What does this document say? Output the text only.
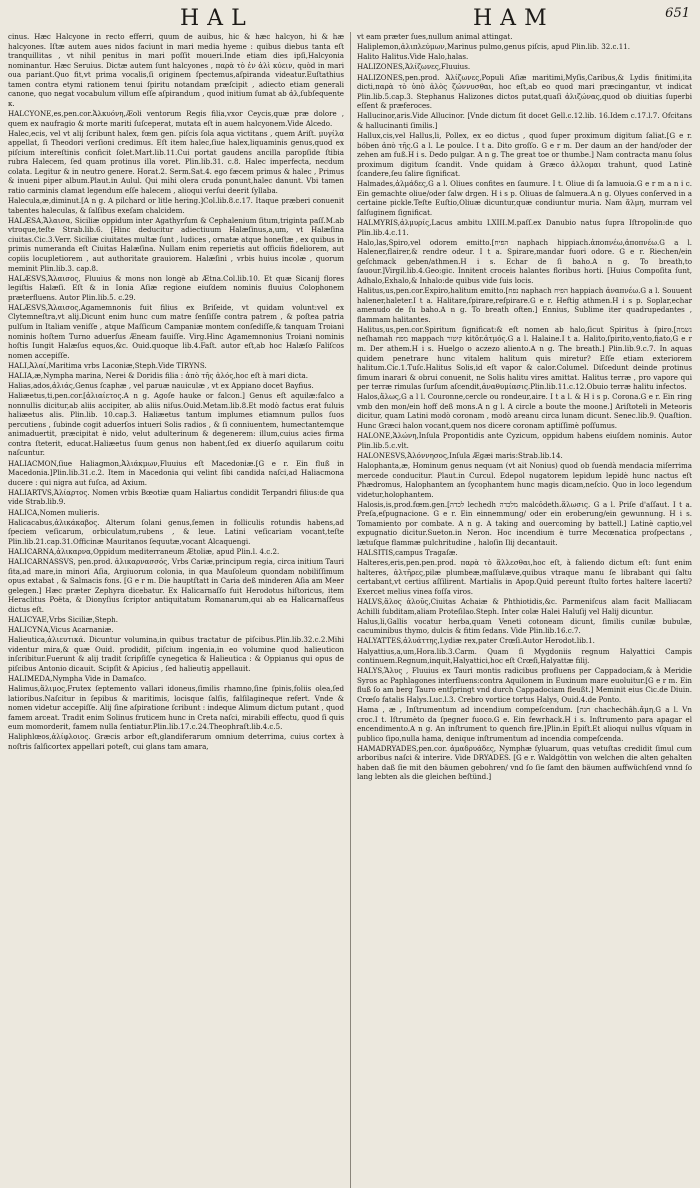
HAL	HAM	651

cinus. Hæc Halcyone in recto efferri, quum de auibus, hic & hæc halcyon, hi & hæ halcyones. Iſtæ autem aues nidos faciunt in mari media hyeme : quibus diebus tanta eſt tranquillitas , vt nihil penitus in mari poſſit moueri.Inde etiam dies ipſi,Halcyonia nominantur. Hæc Seruius. Dictæ autem ſunt halcyones , παρὰ τὸ ἐν ἁλὶ κύειν, quòd in mari oua pariant.Quo fit,vt prima vocalis,ſi originem ſpectemus,aſpiranda videatur.Euſtathius tamen contra etymi rationem tenui ſpiritu notandam præſcipit , adiecto etiam generali canone, quo negat vocabulum villum eſſe aſpirandum , quod initium ſumat ab ἀλ,ſubſequente κ.

HALCYONE,es,pen.cor.Ἀλκυόνη,Æoli ventorum Regis filia,vxor Ceycis,quæ præ dolore , quem ex naufragio & morte mariti ſuſceperat, mutata eſt in auem halcyonem.Vide Alcedo.

Halec,ecis, vel vt alij ſcribunt halex, fœm gen. piſcis ſola aqua victitans , quem Ariſt. μυγίλα appellat, ſi Theodori verſioni credimus. Eſt item halec,ſiue halex,liquaminis genus,quod ex piſcium intereſtinis conficit ſolet.Mart.lib.11.Cui portat gaudens ancilla paropſide ſtibia rubra Halecem, ſed quam protinus illa voret. Plin.lib.31. c.8. Halec imperfecta, necdum colata. Legitur & in neutro genere. Horat.2. Serm.Sat.4. ego fæcem primus & halec , Primus & inueni piper album.Plaut.in Aulul. Qui mihi olera cruda ponunt,halec danunt. Vbi tamen ratio carminis clamat legendum eſſe halecem , alioqui verſui deerit ſyllaba.

Halecula,æ,diminut.[A n g. A pilchard or litle hering.]Col.lib.8.c.17. Itaque præberi conuenit tabentes haleculas, & ſalſibus exeſam chalcidem.

HALÆSA,Ἄλαισα, Siciliæ oppidum inter Agathyrſum & Cephalenium ſitum,triginta paſſ.M.ab vtroque,teſte Strab.lib.6. [Hinc deducitur adiectiuum Halæſinus,a,um, vt Halæſina ciuitas.Cic.3.Verr. Siciliæ ciuitates multæ ſunt , ludices , ornatæ atque honeſtæ , ex quibus in primis numeranda eſt Ciuitas Halæſina. Nullam enim reperietis aut officiis fideliorem, aut copiis locupletiorem , aut authoritate grauiorem. Halæſini , vrbis huius incolæ , quorum meminit Plin.lib.3. cap.8.

HALÆSVS,Ἄλαισος, Fluuius & mons non longè ab Ætna.Col.lib.10. Et quæ Sicanij flores legiſtis Halæſi. Eſt & in Ionia Aſiæ regione eiuſdem nominis fluuius Colophonem præterfluens. Autor Plin.lib.5. c.29.

HALÆSVS,Ἄλαισος,Agamemnonis fuit filius ex Briſeide, vt quidam volunt:vel ex Clytemneſtra,vt alij.Dicunt enim hunc cum matre ſenſiſſe contra patrem , & poſtea patria pulſum in Italiam veniſſe , atque Maſſicum Campaniæ montem conſediſſe,& tanquam Troiani nominis hoſtem Turno aduerſus Æneam fauiſſe. Virg.Hinc Agamemnonius Troiani nominis hoſtis Iungit Halæſus equos,&c. Ouid.quoque lib.4.Faſt. autor eſt,ab hoc Halæſo Faliſcos nomen accepiſſe.

HALI,Ἁλαί,Maritima vrbs Laconiæ,Steph.Vide TIRYNS.

HALIA,æ,Nympha marina, Nerei & Doridis filia : ἀπὸ τῆς ἁλός,hoc eſt à mari dicta.

Halias,ados,ἀλιάς,Genus ſcaphæ , vel paruæ nauiculæ , vt ex Appiano docet Bayfius.

Haliæetus,ti,pen.cor.[ἁλιαίετος.A n g. Agoſe hauke or falcon.] Genus eſt aquilæ:falco a nonnullis dicitur,ab aliis accipiter, ab aliis niſus.Ouid.Metam.lib.8.Et modò factus erat fuluis haliæetus alis. Plin.lib. 10.cap.3. Haliæetus tantum implumes etiamnum pullos ſuos percutiens , ſubinde cogit aduerſos intueri Solis radios , & ſi conniuentem, humectantemque animaduertit, præcipitat è nido, velut adulterinum & degenerem: illum,cuius acies firma contra ſteterit, educat.Haliæetus ſuum genus non habent,ſed ex diuerſo aquilarum coitu naſcuntur.

HALIACMON,ſiue Haliagmon,Ἁλιάκμων,Fluuius eſt Macedoniæ.[G e r. Ein fluß in Macedonia.]Plin.lib.31.c.2. Item in Macedonia qui velint ſibi candida naſci,ad Haliacmona ducere : qui nigra aut fuſca, ad Axium.

HALIARTVS,Ἁλίαρτος. Nomen vrbis Bœotiæ quam Haliartus condidit Terpandri filius:de qua vide Strab.lib.9.

HALICA,Nomen mulieris.

Halicacabus,ἁλικάκαβος. Alterum ſolani genus,ſemen in folliculis rotundis habens,ad ſpeciem veſicarum, orbiculatum,rubens , & leue. Latini veſicariam vocant,teſte Plin.lib.21.cap.31.Officinæ Mauritanos ſequutæ,vocant Alcaquengi.

HALICARNA,ἁλικαρνα,Oppidum mediterraneum Ætoliæ, apud Plin.l. 4.c.2.

HALICARNASSVS, pen.prod. ἁλικαρνασσός, Vrbs Cariæ,principum regia, circa initium Tauri ſita,ad mare,in minori Aſia, Argiuorum colonia, in qua Mauſoleum quondam nobiliſſimum opus extabat , & Salmacis fons. [G e r m. Die hauptſtatt in Caria deß minderen Aſia am Meer gelegen.] Hæc præter Zephyra dicebatur. Ex Halicarnaſſo fuit Herodotus hiſtoricus, item Heraclitus Poëta, & Dionyſius ſcriptor antiquitatum Romanarum,qui ab ea Halicarnaſſeus dictus eſt.

HALICYAE,Vrbs Siciliæ,Steph.

HALICYNA,Vicus Acarnaniæ.

Halieutica,ἁλιευτικά. Dicuntur volumina,in quibus tractatur de piſcibus.Plin.lib.32.c.2.Mihi videntur mira,& quæ Ouid. prodidit, piſcium ingenia,in eo volumine quod halieuticon inſcribitur.Fuerunt & alij tradit ſcripſiſſe cynegetica & Halieutica : & Oppianus qui opus de piſcibus Antonio dicauit. Scipſit & Apicius , ſed halieutiꝫ appellauit.

HALIMEDA,Nympha Vide in Damaſco.

Halimus,ἅλιμος,Frutex ſeptemento vallari idoneus,ſimilis rhamno,ſine ſpinis,foliis olea,ſed latioribus.Naſcitur in ſepibus & maritimis, locisque ſalſis, falſilagineque refert. Vnde & nomen videtur accepiſſe. Alij ſine aſpiratione ſcribunt : indeque Alimum dictum putant , quod famem arceat. Tradit enim Solinus fruticem hunc in Creta naſci, mirabili effectu, quod ſi quis eum momorderit, famem nulla ſentiatur.Plin.lib.17.c.24.Theophraſt.lib.4.c.5.

Haliphlœos,ἁλίφλοιος. Græcis arbor eſt,glandiferarum omnium deterrima, cuius cortex à noſtris ſalſicortex appellari poteſt, cui glans tam amara,

vt eam præter ſues,nullum animal attingat.

Haliplemon,ἁλιπλεύμων,Marinus pulmo,genus piſcis, apud Plin.lib. 32.c.11.

Halito Halitus.Vide Halo,halas.

HALIZONES,Ἁλίζωνες,Fluuius.

HALIZONES,pen.prod. Ἁλίζωνες,Populi Aſiæ maritimi,Myſis,Caribus,& Lydis finitimi,ita dicti,παρὰ τὸ ὑπὸ ἁλὸς ζώννυσθαι, hoc eſt,ab eo quod mari præcingantur, vt indicat Plin.lib.5.cap.3. Stephanus Halizones dictos putat,quaſi ἀλιζώνας,quod ob diuitias ſuperbi eſſent & præferoces.

Hallucinor,aris.Vide Allucinor. [Vnde dictum ſit docet Gell.c.12.lib. 16.Idem c.17.l.7. Ofcitans & hallucinanti ſimilis.]

Hallux,cis,vel Hallus,li, Pollex, ex eo dictus , quod ſuper proximum digitum ſaliat.[G e r. bóben ἀπὸ τῆς.G a l. Le poulce. I t a. Dito groſſo. G e r m. Der daum an der hand/oder der zehen am fuß.H i s. Dedo pulgar. A n g. The great toe or thumbe.] Nam contracta manu ſolus proximum digitum ſcandit. Vnde quidam à Græco ἀλλομαι trahunt, quod Latinè ſcandere,ſeu ſalire ſignificat.

Halmades,ἁλμάδες,G a l. Oliues confites en ſaumure. I t. Oliue di ſa lamuoia.G e r m a n i c. Ein gemachte oliue/oder ſalw drgen. H i s p. Oliuas de ſalmuera.A n g. Olyues conſerved in a certaine pickle.Teſte Euſtio,Oliuæ dicuntur,quæ condiuntur muria. Nam ἅλμη, murram vel ſalſuginem ſignificat.

HALMYRIS,ἁλμυρίς,Lacus ambitu LXIII.M.paſſ.ex Danubio natus ſupra Iſtropolin:de quo Plin.lib.4.c.11.

Halo,las,Spiro,vel odorem emitto.[הפיח naphach hippiach.ἀποπνέω,ἀποπνέω.G a l. Halener,flairer,& rendre odeur. I t a. Spirare,mandar fuori odore. G e r. Riechen/ein geſchmack geben/athmen.H i s. Echar de ſi baho.A n g. To breath,to ſauour.]Virgil.lib.4.Geo:gic. Innitent croceis halantes floribus horti. [Huius Compoſita ſunt, Adhalo,Exhalo,& Inhalo:de quibus vide ſuis locis.

Halitus,us,pen.cor.Expiro,halitum emitto.[נפח naphach הפיח happiach ἀναπνέω.G a l. Souuent halener,haleter.I t a. Halitare,ſpirare,reſpirare.G e r. Heftig athmen.H i s p. Soplar,echar amenudo de ſu baho.A n g. To breath often.] Ennius, Sublime iter quadrupedantes , flammam halitantes.

Halitus,us,pen.cor.Spiritum ſignificat:& eſt nomen ab halo,ſicut Spiritus à ſpiro.[נשמה neſhamah מפח mappach קיטור kitôr.ἀτμός.G a l. Halaine.I t a. Halito,ſpirito,vento,fiato,G e r m. Der athem.H i s. Huelgo o aczezo aliento.A n g. The breath.] Plin.lib.9.c.7. In aquas quidem penetrare hunc vitalem halitum quis miretur? Eſſe etiam exteriorem halitum.Cic.1.Tuſc.Halitus Solis,id eſt vapor & calor.Columel. Diſcedunt deinde protinus ſimum inarari & obrui conuenit, ne Solis halitu vires amittat. Halitus terræ , pro vapore qui per terræ rimulas ſurſum aſcendit,ἀναθυμίασις.Plin.lib.11.c.12.Obuio terræ halitu infectos.

Halos,ἅλως,G a l l. Couronne,cercle ou rondeur,aire. I t a l. & H i s p. Corona.G e r. Ein ring vmb den mon/ein hoff deß mons.A n g l. A circle a boute the moone.] Ariſtoteli in Meteoris dicitur, quam Latini modò coronam , modò areanu circa lunam dicunt. Senec.lib.9. Quaſtion. Hunc Græci halon vocant,quem nos dicere coronam aptiſſimè poſſumus.

HALONE,Ἁλώνη,Inſula Propontidis ante Cyzicum, oppidum habens eiuſdem nominis. Autor Plin.lib.5.c.vlt.

HALONESVS,Ἁλόννησος,Inſula Ægæi maris:Strab.lib.14.

Halophanta,æ, Hominum genus nequam (vt ait Nonius) quod ob ſuendà mendacia miſerrima mercede conducitur. Plaut.in Curcul. Edepol nugatorem lepidum lepidè hunc nactus eſt Phædromus, Halophantem an ſycophantem hunc magis dicam,neſcio. Quo in loco legendum videtur,holophantem.

Halosis,is,prod.fœm.gen.[לכדה lechedh מלכדה malcôdeth.ἅλωσις. G a l. Priſe d'aſſaut. I t a. Preſa,eſpugnacione. G e r. Ein einnemmung/ oder ein eroberung/ein gewunnung. H i s. Tomamiento por combate. A n g. A taking and ouercoming by battell.] Latinè captio,vel expugnatio dicitur.Sueton.in Neron. Hoc incendium è turre Mecœnatica proſpectans , lætuſque flammæ pulchritudine , haloſin Ilij decantauit.

HALSITIS,campus Tragaſæ.

Halteres,eris,pen.pen.prod. παρὰ τὸ ἅλλεσθαι,hoc eſt, à faliendo dictum eſt: ſunt enim halteres, ἁλτῆρες,pilæ plumbeæ,maſſulæve,quibus vtraque manu ſe librabant qui ſaltu certabant,vt certius aſſilirent. Martialis in Apop.Quid pereunt ſtulto fortes haltere lacerti?Exercet melius vinea foſſa viros.

HALVS,ἅλος ἁλοῦς,Ciuitas Achaiæ & Phthiotidis,&c. Parmeniſcus alam facit Malliacam Achilli ſubditam,aliam Proteſilao.Steph. Inter colæ Halei Haluſij vel Halij dicuntur.

Halus,li,Gallis vocatur herba,quam Veneti cotoneam dicunt, ſimilis cunilæ bubulæ, cacuminibus thymo, dulcis & fitim ſedans. Vide Plin.lib.16.c.7.

HALYATTES,ἁλυάττης,Lydiæ rex,pater Crœſi.Autor Herodot.lib.1.

Halyattius,a,um,Hora.lib.3.Carm. Quam ſi Mygdoniis regnum Halyattici Campis continuem.Regnum,inquit,Halyattici,hoc eſt Crœſi,Halyattæ filij.

HALYS,Ἅλυς , Fluuius ex Tauri montis radicibus profluens per Cappadociam,& à Meridie Syros ac Paphlagones interfluens:contra Aquilonem in Euxinum mare euoluitur.[G e r m. Ein fluß ſo am berg Tauro entſpringt vnd durch Cappadociam fleußt.] Meminit eius Cic.de Diuin. Crœſo fatalis Halys.Luc.l.3. Crebro vortice tortus Halys, Ouid.4.de Ponto.

Hama , æ , Inſtrumentum ad incendium compeſcendum. [חנה chachechâh.ἄμη.G a l. Vn croc.I t. Iſtrumèto da ſpegner fuoco.G e. Ein fewrhack.H i s. Inſtrumento para apagar el encendimento.A n g. An inſtrument to quench fire.]Plin.in Epiſt.Et alioqui nullus vſquam in publico ſipo,nulla hama, denique inſtrumentum ad incendia compeſcenda.

HAMADRYADES,pen.cor. ἁμαδρυάδες, Nymphæ ſyluarum, quas vetuſtas credidit ſimul cum arboribus naſci & interire. Vide DRYADES. [G e r. Waldgöttin von welchen die alten gehalten haben daß ſie mit den bäumen gebohren/ vnd ſo ſie ſamt den bäumen auffwüchſend vnnd ſo lang lebten als die gleichen beſtünd.]
